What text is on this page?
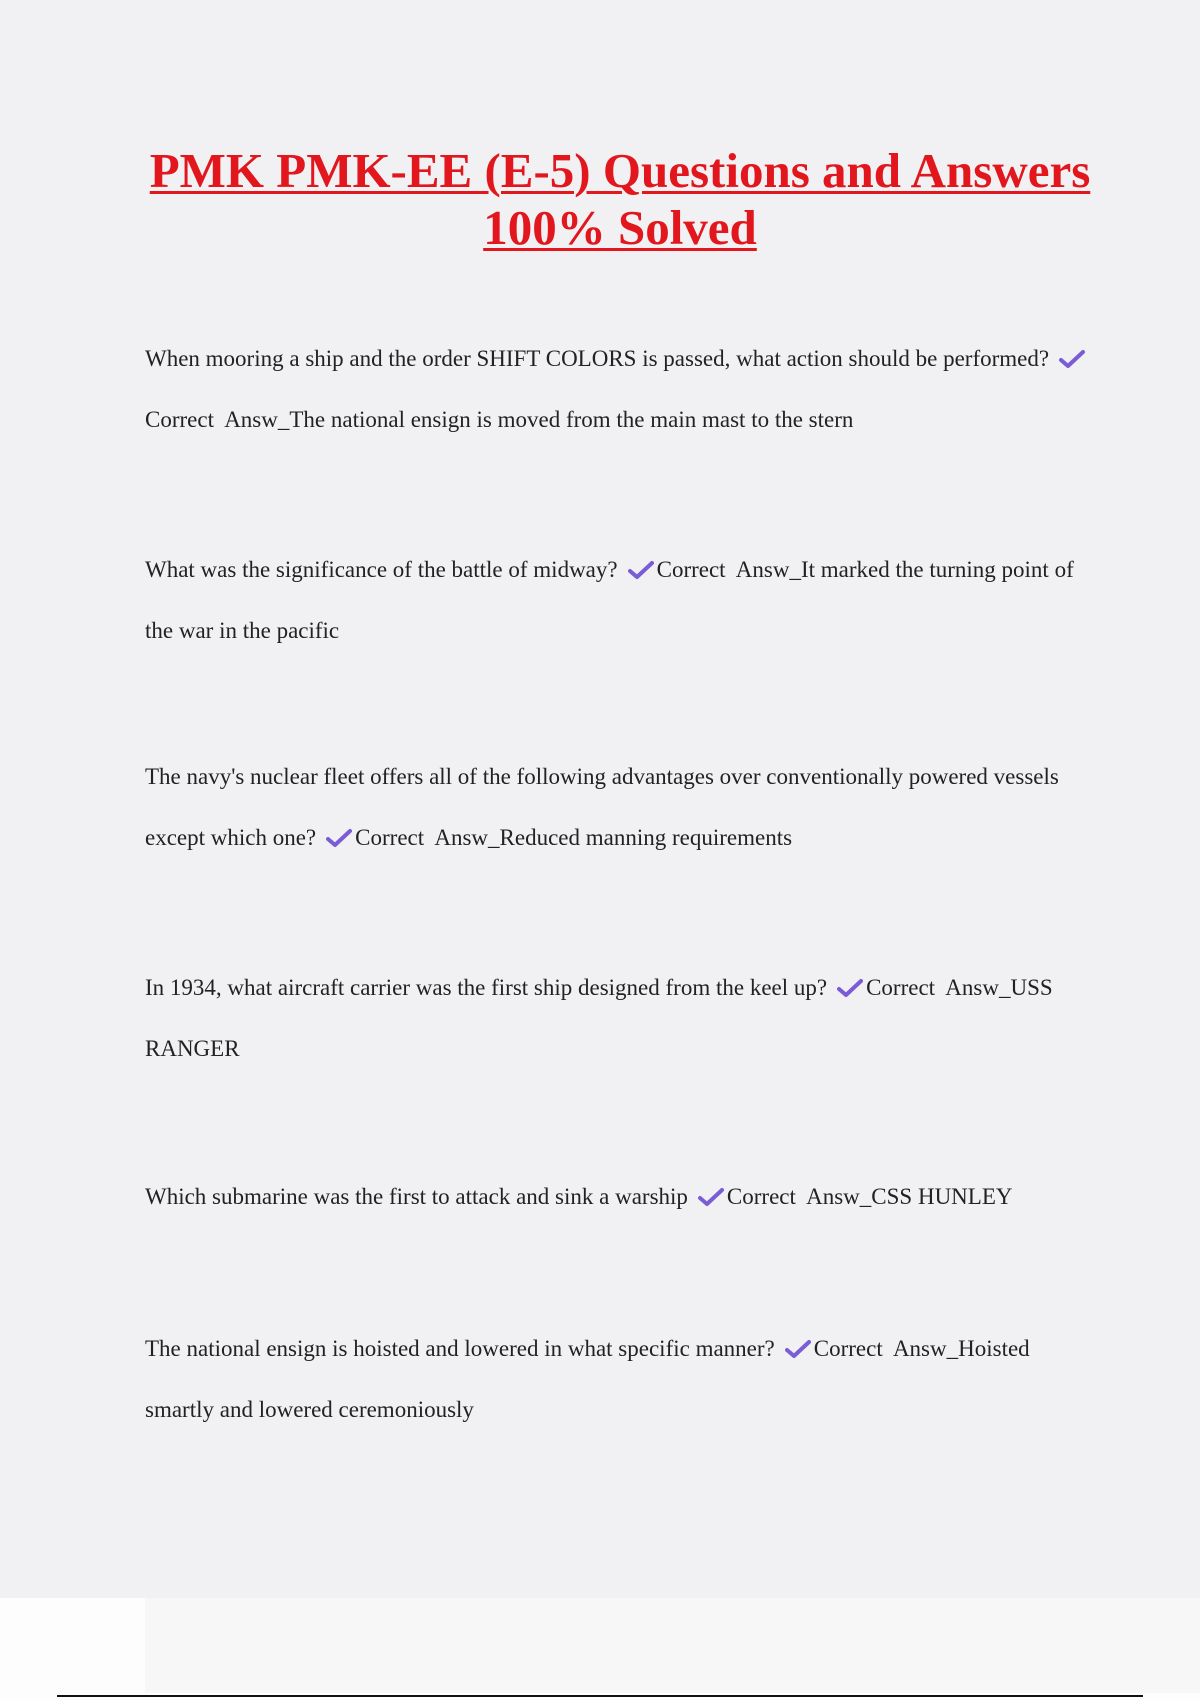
PMK PMK-EE (E-5) Questions and Answers
100% Solved

When mooring a ship and the order SHIFT COLORS is passed, what action should be performed?
Correct  Answ_The national ensign is moved from the main mast to the stern

What was the significance of the battle of midway? Correct  Answ_It marked the turning point of the war in the pacific

The navy's nuclear fleet offers all of the following advantages over conventionally powered vessels except which one? Correct  Answ_Reduced manning requirements

In 1934, what aircraft carrier was the first ship designed from the keel up? Correct  Answ_USS RANGER

Which submarine was the first to attack and sink a warship Correct  Answ_CSS HUNLEY

The national ensign is hoisted and lowered in what specific manner? Correct  Answ_Hoisted smartly and lowered ceremoniously
